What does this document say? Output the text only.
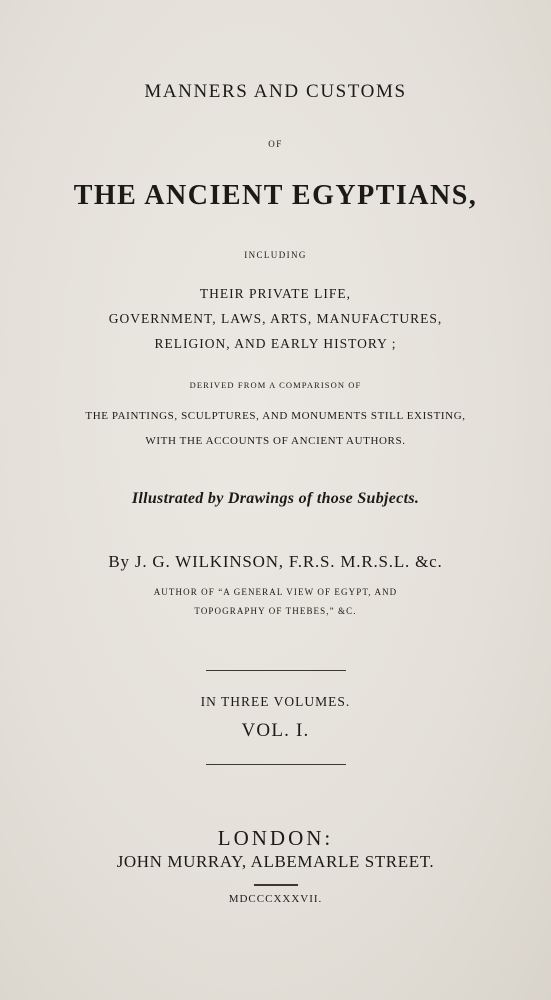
MANNERS AND CUSTOMS

OF

THE ANCIENT EGYPTIANS,

INCLUDING

THEIR PRIVATE LIFE,

GOVERNMENT, LAWS, ARTS, MANUFACTURES,

RELIGION, AND EARLY HISTORY ;

DERIVED FROM A COMPARISON OF

THE PAINTINGS, SCULPTURES, AND MONUMENTS STILL EXISTING,

WITH THE ACCOUNTS OF ANCIENT AUTHORS.

Illustrated by Drawings of those Subjects.

By J. G. WILKINSON, F.R.S. M.R.S.L. &c.

AUTHOR OF “A GENERAL VIEW OF EGYPT, AND

TOPOGRAPHY OF THEBES,” &C.

IN THREE VOLUMES.

VOL. I.

LONDON:

JOHN MURRAY, ALBEMARLE STREET.

MDCCCXXXVII.
